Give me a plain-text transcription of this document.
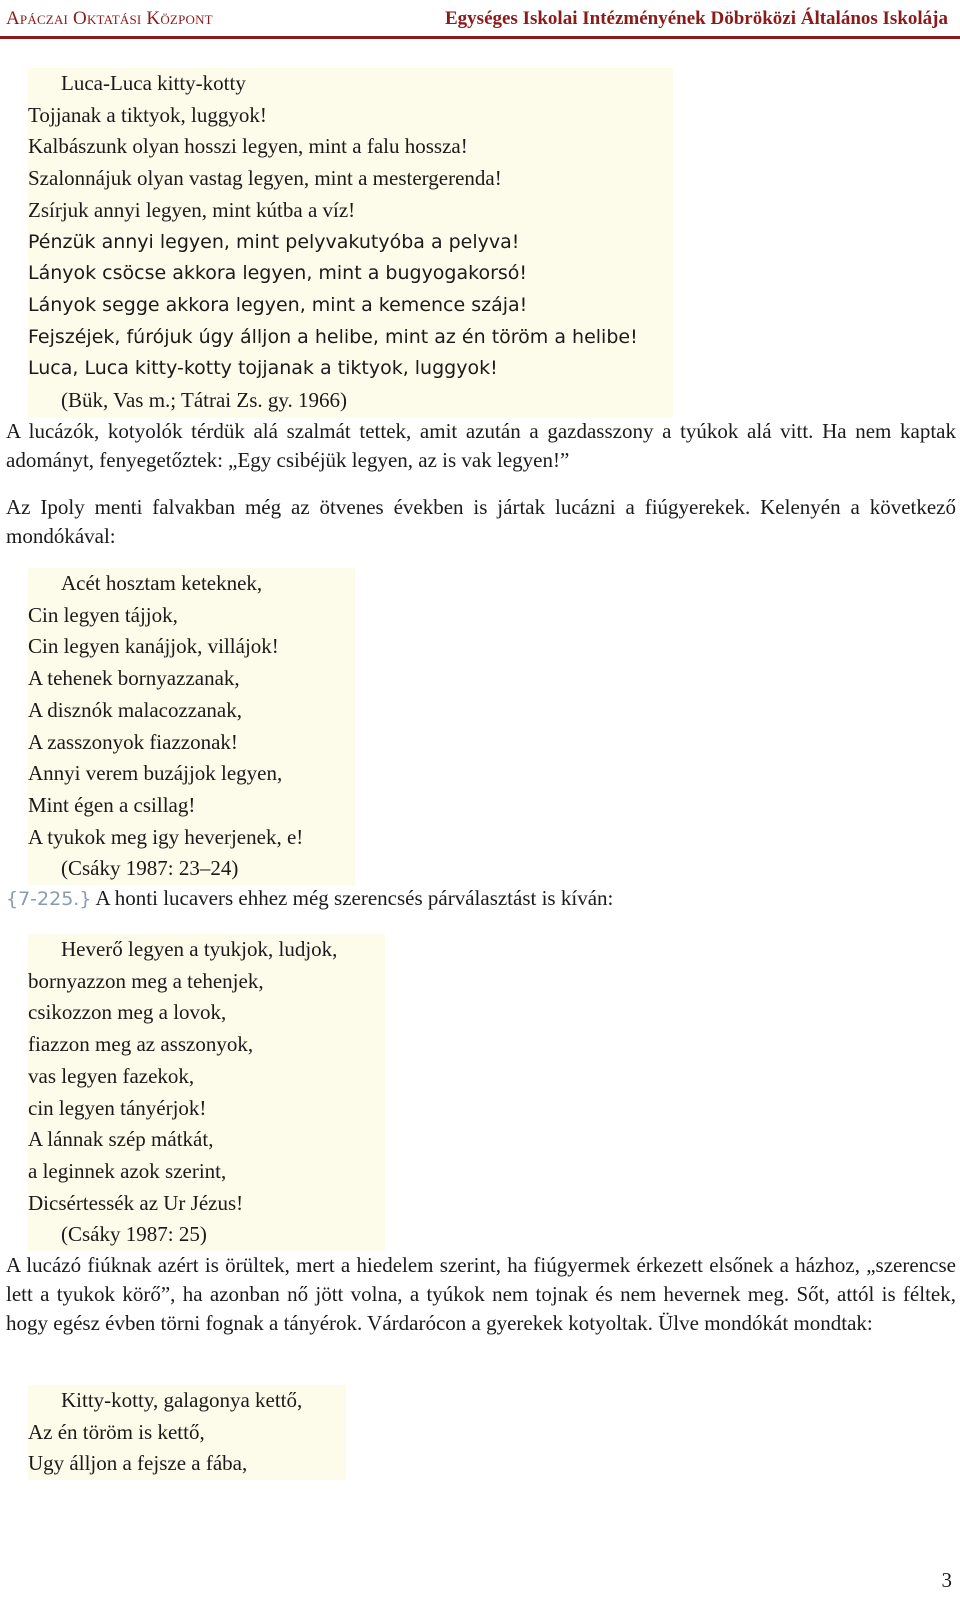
Apáczai Oktatási Központ	Egységes Iskolai Intézményének Döbröközi Általános Iskolája
Luca-Luca kitty-kotty
Tojjanak a tiktyok, luggyok!
Kalbászunk olyan hosszi legyen, mint a falu hossza!
Szalonnájuk olyan vastag legyen, mint a mestergerenda!
Zsírjuk annyi legyen, mint kútba a víz!
Pénzük annyi legyen, mint pelyvakutyóba a pelyva!
Lányok csöcse akkora legyen, mint a bugyogakorsó!
Lányok segge akkora legyen, mint a kemence szája!
Fejszéjek, fúrójuk úgy álljon a helibe, mint az én töröm a helibe!
Luca, Luca kitty-kotty tojjanak a tiktyok, luggyok!
(Bük, Vas m.; Tátrai Zs. gy. 1966)
A lucázók, kotyolók térdük alá szalmát tettek, amit azután a gazdasszony a tyúkok alá vitt. Ha nem kaptak adományt, fenyegetőztek: „Egy csibéjük legyen, az is vak legyen!”
Az Ipoly menti falvakban még az ötvenes években is jártak lucázni a fiúgyerekek. Kelenyén a következő mondókával:
Acét hosztam keteknek,
Cin legyen tájjok,
Cin legyen kanájjok, villájok!
A tehenek bornyazzanak,
A disznók malacozzanak,
A zasszonyok fiazzonak!
Annyi verem buzájjok legyen,
Mint égen a csillag!
A tyukok meg igy heverjenek, e!
(Csáky 1987: 23–24)
{7-225.} A honti lucavers ehhez még szerencsés párválasztást is kíván:
Heverő legyen a tyukjok, ludjok,
bornyazzon meg a tehenjek,
csikozzon meg a lovok,
fiazzon meg az asszonyok,
vas legyen fazekok,
cin legyen tányérjok!
A lánnak szép mátkát,
a leginnek azok szerint,
Dicsértessék az Ur Jézus!
(Csáky 1987: 25)
A lucázó fiúknak azért is örültek, mert a hiedelem szerint, ha fiúgyermek érkezett elsőnek a házhoz, „szerencse lett a tyukok körő”, ha azonban nő jött volna, a tyúkok nem tojnak és nem hevernek meg. Sőt, attól is féltek, hogy egész évben törni fognak a tányérok. Várdarócon a gyerekek kotyoltak. Ülve mondókát mondtak:
Kitty-kotty, galagonya kettő,
Az én töröm is kettő,
Ugy álljon a fejsze a fába,
3
